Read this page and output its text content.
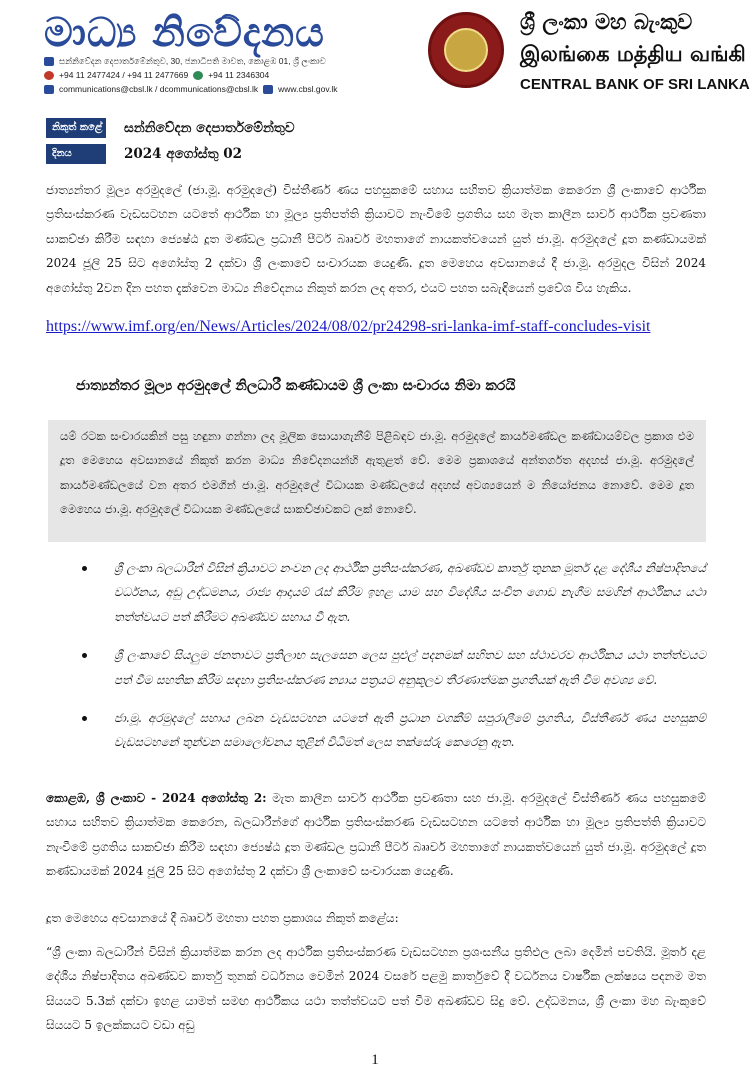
මාධ්‍ය නිවේදනය
සන්නිවේදන දෙපාර්තමේන්තුව, 30, ජනාධිපති මාවත, කොළඹ 01, ශ්‍රී ලංකාව
+94 11 2477424 / +94 11 2477669 +94 11 2346304
communications@cbsl.lk / dcommunications@cbsl.lk www.cbsl.gov.lk
ශ්‍රී ලංකා මහ බැංකුව
இலங்கை மத்திய வங்கி
CENTRAL BANK OF SRI LANKA
නිකුත් කළේ	සන්නිවේදන දෙපාර්තමේන්තුව
දිනය	2024 අගෝස්තු 02
ජාත්‍යන්තර මූල්‍ය අරමුදලේ (ජා.මූ. අරමුදලේ) විස්තීර්ණ ණය පහසුකමේ සහාය සහිතව ක්‍රියාත්මක කෙරෙන ශ්‍රී ලංකාවේ ආර්ථික ප්‍රතිසංස්කරණ වැඩසටහන යටතේ ආර්ථික හා මූල්‍ය ප්‍රතිපත්ති ක්‍රියාවට නැංවීමේ ප්‍රගතිය සහ මැත කාලීන සාර්ව ආර්ථික ප්‍රවණතා සාකච්ඡා කිරීම සඳහා ජ්‍යෙෂ්ඨ දූත මණ්ඩල ප්‍රධානී පීටර් බෲවර් මහතාගේ නායකත්වයෙන් යුත් ජා.මූ. අරමුදලේ දූත කණ්ඩායමක් 2024 ජූලි 25 සිට අගෝස්තු 2 දක්වා ශ්‍රී ලංකාවේ සංචාරයක යෙදුණි. දූත මෙහෙය අවසානයේ දී ජා.මූ. අරමුදල විසින් 2024 අගෝස්තු 2වන දින පහත දැක්වෙන මාධ්‍ය නිවේදනය නිකුත් කරන ලද අතර, එයට පහත සබැඳියෙන් ප්‍රවේශ විය හැකිය.
https://www.imf.org/en/News/Articles/2024/08/02/pr24298-sri-lanka-imf-staff-concludes-visit
ජාත්‍යන්තර මූල්‍ය අරමුදලේ නිලධාරී කණ්ඩායම ශ්‍රී ලංකා සංචාරය නිමා කරයි
යම් රටක සංචාරයකින් පසු හඳුනා ගන්නා ලද මූලික සොයාගැනීම් පිළිබඳව ජා.මූ. අරමුදලේ කාර්යමණ්ඩල කණ්ඩායම්වල ප්‍රකාශ එම දූත මෙහෙය අවසානයේ නිකුත් කරන මාධ්‍ය නිවේදනයන්හි ඇතුළත් වේ. මෙම ප්‍රකාශයේ අන්තර්ගත අදහස් ජා.මූ. අරමුදලේ කාර්යමණ්ඩලයේ වන අතර එමගින් ජා.මූ. අරමුදලේ විධායක මණ්ඩලයේ අදහස් අවශ්‍යයෙන් ම නියෝජනය නොවේ. මෙම දූත මෙහෙය ජා.මූ. අරමුදලේ විධායක මණ්ඩලයේ සාකච්ඡාවකට ලක් නොවේ.
ශ්‍රී ලංකා බලධාරීන් විසින් ක්‍රියාවට නංවන ලද ආර්ථික ප්‍රතිසංස්කරණ, අඛණ්ඩව කාර්තු තුනක මූර්ත දළ දේශීය නිෂ්පාදිතයේ වර්ධනය, අඩු උද්ධමනය, රාජ්‍ය ආදායම් රැස් කිරීම ඉහළ යාම සහ විදේශීය සංචිත ගොඩ නැගීම සමගින් ආර්ථිකය යථා තත්ත්වයට පත් කිරීමට අඛණ්ඩව සහාය වී ඇත.
ශ්‍රී ලංකාවේ සියලුම ජනතාවට ප්‍රතිලාභ සැලසෙන ලෙස පුළුල් පදනමක් සහිතව සහ ස්ථාවරව ආර්ථිකය යථා තත්ත්වයට පත් වීම සහතික කිරීම සඳහා ප්‍රතිසංස්කරණ න්‍යාය පත්‍රයට අනුකූලව තීරණාත්මක ප්‍රගතියක් ඇති වීම අවශ්‍ය වේ.
ජා.මූ. අරමුදලේ සහාය ලබන වැඩසටහන යටතේ ඇති ප්‍රධාන වගකීම් සපුරාලීමේ ප්‍රගතිය, විස්තීර්ණ ණය පහසුකම් වැඩසටහනේ තුන්වන සමාලෝචනය තුළින් විධිමත් ලෙස තක්සේරු කෙරෙනු ඇත.
කොළඹ, ශ්‍රී ලංකාව - 2024 අගෝස්තු 2: මැත කාලීන සාර්ව ආර්ථික ප්‍රවණතා සහ ජා.මූ. අරමුදලේ විස්තීර්ණ ණය පහසුකමේ සහාය සහිතව ක්‍රියාත්මක කෙරෙන, බලධාරීන්ගේ ආර්ථික ප්‍රතිසංස්කරණ වැඩසටහන යටතේ ආර්ථික හා මූල්‍ය ප්‍රතිපත්ති ක්‍රියාවට නැංවීමේ ප්‍රගතිය සාකච්ඡා කිරීම සඳහා ජ්‍යෙෂ්ඨ දූත මණ්ඩල ප්‍රධානී පීටර් බෲවර් මහතාගේ නායකත්වයෙන් යුත් ජා.මූ. අරමුදලේ දූත කණ්ඩායමක් 2024 ජූලි 25 සිට අගෝස්තු 2 දක්වා ශ්‍රී ලංකාවේ සංචාරයක යෙදුණි.
දූත මෙහෙය අවසානයේ දී බෲවර් මහතා පහත ප්‍රකාශය නිකුත් කළේය:
“ශ්‍රී ලංකා බලධාරීන් විසින් ක්‍රියාත්මක කරන ලද ආර්ථික ප්‍රතිසංස්කරණ වැඩසටහන ප්‍රශංසනීය ප්‍රතිඵල ලබා දෙමින් පවතියි. මූර්ත දළ දේශීය නිෂ්පාදිතය අඛණ්ඩව කාර්තු තුනක් වර්ධනය වෙමින් 2024 වසරේ පළමු කාර්තුවේ දී වර්ධනය වාර්ෂික ලක්ෂ්‍යය පදනම මත සියයට 5.3ක් දක්වා ඉහළ යාමත් සමඟ ආර්ථිකය යථා තත්ත්වයට පත් වීම අඛණ්ඩව සිදු වේ. උද්ධමනය, ශ්‍රී ලංකා මහ බැංකුවේ සියයට 5 ඉලක්කයට වඩා අඩු
1
